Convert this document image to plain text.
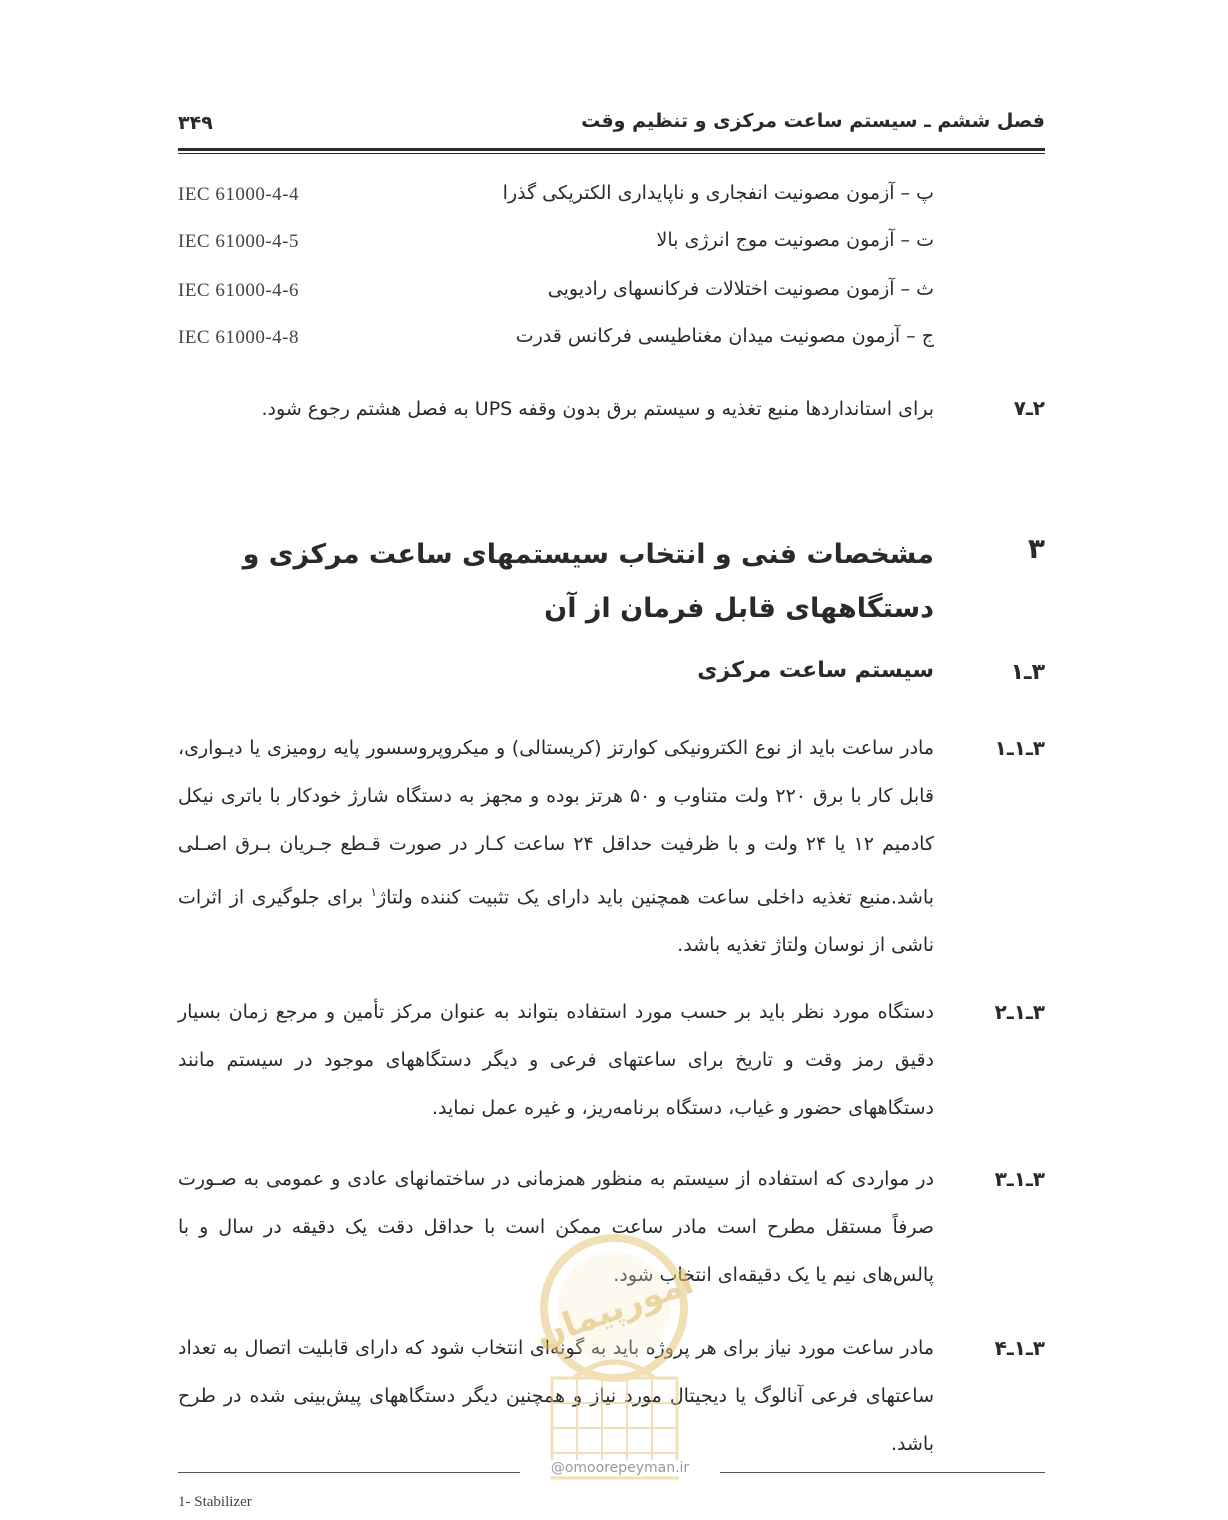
فصل ششم ـ سیستم ساعت مرکزی و تنظیم وقت
۳۴۹
پ – آزمون مصونیت انفجاری و ناپایداری الکتریکی گذرا
IEC 61000-4-4
ت – آزمون مصونیت موج انرژی بالا
IEC 61000-4-5
ث – آزمون مصونیت اختلالات فرکانسهای رادیویی
IEC 61000-4-6
ج – آزمون مصونیت میدان مغناطیسی فرکانس قدرت
IEC 61000-4-8
۲ـ۷
برای استانداردها منبع تغذیه و سیستم برق بدون وقفه UPS به فصل هشتم رجوع شود.
۳
مشخصات فنی و انتخاب سیستمهای ساعت مرکزی و دستگاههای قابل فرمان از آن
۳ـ۱
سیستم ساعت مرکزی
۳ـ۱ـ۱

مادر ساعت باید از نوع الکترونیکی کوارتز (کریستالی) و میکروپروسسور پایه رومیزی یا دیـواری، قابل کار با برق ۲۲۰ ولت متناوب و ۵۰ هرتز بوده و مجهز به دستگاه شارژ خودکار با باتری نیکل کادمیم ۱۲ یا ۲۴ ولت و با ظرفیت حداقل ۲۴ ساعت کـار در صورت قـطع جـریان بـرق اصـلی باشد.منبع تغذیه داخلی ساعت همچنین باید دارای یک تثبیت کننده ولتاژ$^۱$ برای جلوگیری از اثرات ناشی از نوسان ولتاژ تغذیه باشد.

۳ـ۱ـ۲

دستگاه مورد نظر باید بر حسب مورد استفاده بتواند به عنوان مرکز تأمین و مرجع زمان بسیار دقیق رمز وقت و تاریخ برای ساعتهای فرعی و دیگر دستگاههای موجود در سیستم مانند دستگاههای حضور و غیاب، دستگاه برنامه‌ریز، و غیره عمل نماید.

۳ـ۱ـ۳

در مواردی که استفاده از سیستم به منظور همزمانی در ساختمانهای عادی و عمومی به صـورت صرفاً مستقل مطرح است مادر ساعت ممکن است با حداقل دقت یک دقیقه در سال و با پالس‌های نیم یا یک دقیقه‌ای انتخاب شود.

۳ـ۱ـ۴

مادر ساعت مورد نیاز برای هر پروژه باید به گونه‌ای انتخاب شود که دارای قابلیت اتصال به تعداد ساعتهای فرعی آنالوگ یا دیجیتال مورد نیاز و همچنین دیگر دستگاههای پیش‌بینی شده در طرح باشد.

امورپیمان
@omoorepeyman.ir
1- Stabilizer
